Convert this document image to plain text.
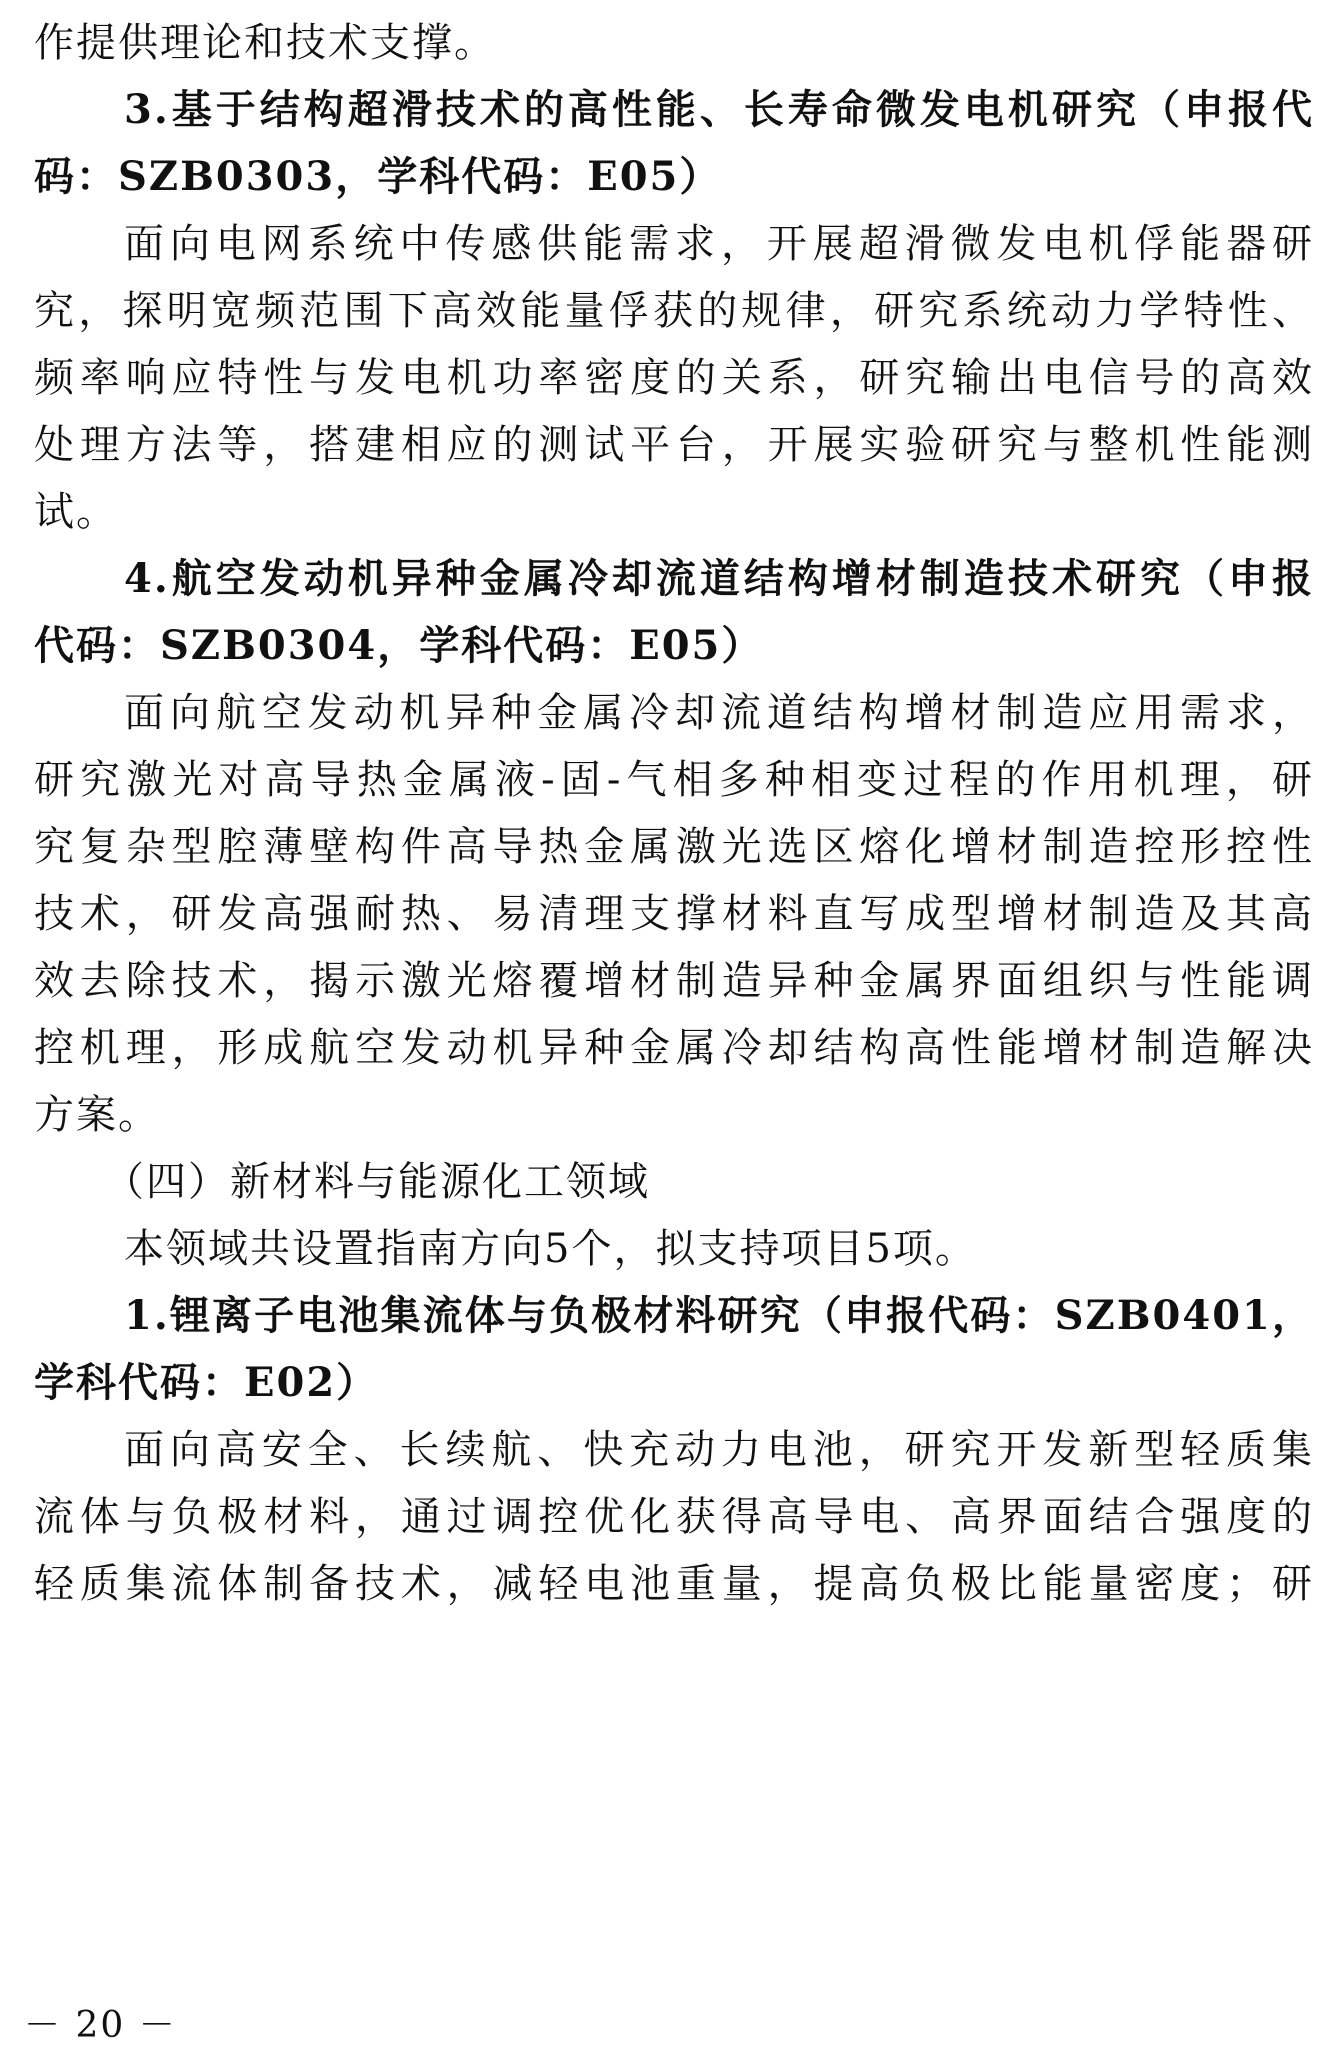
作提供理论和技术支撑。
3.基于结构超滑技术的高性能、长寿命微发电机研究（申报代
码：SZB0303，学科代码：E05）
面向电网系统中传感供能需求，开展超滑微发电机俘能器研
究，探明宽频范围下高效能量俘获的规律，研究系统动力学特性、
频率响应特性与发电机功率密度的关系，研究输出电信号的高效
处理方法等，搭建相应的测试平台，开展实验研究与整机性能测
试。
4.航空发动机异种金属冷却流道结构增材制造技术研究（申报
代码：SZB0304，学科代码：E05）
面向航空发动机异种金属冷却流道结构增材制造应用需求，
研究激光对高导热金属液-固-气相多种相变过程的作用机理，研
究复杂型腔薄壁构件高导热金属激光选区熔化增材制造控形控性
技术，研发高强耐热、易清理支撑材料直写成型增材制造及其高
效去除技术，揭示激光熔覆增材制造异种金属界面组织与性能调
控机理，形成航空发动机异种金属冷却结构高性能增材制造解决
方案。
（四）新材料与能源化工领域
本领域共设置指南方向5个，拟支持项目5项。
1.锂离子电池集流体与负极材料研究（申报代码：SZB0401，
学科代码：E02）
面向高安全、长续航、快充动力电池，研究开发新型轻质集
流体与负极材料，通过调控优化获得高导电、高界面结合强度的
轻质集流体制备技术，减轻电池重量，提高负极比能量密度；研
－ 20 －
